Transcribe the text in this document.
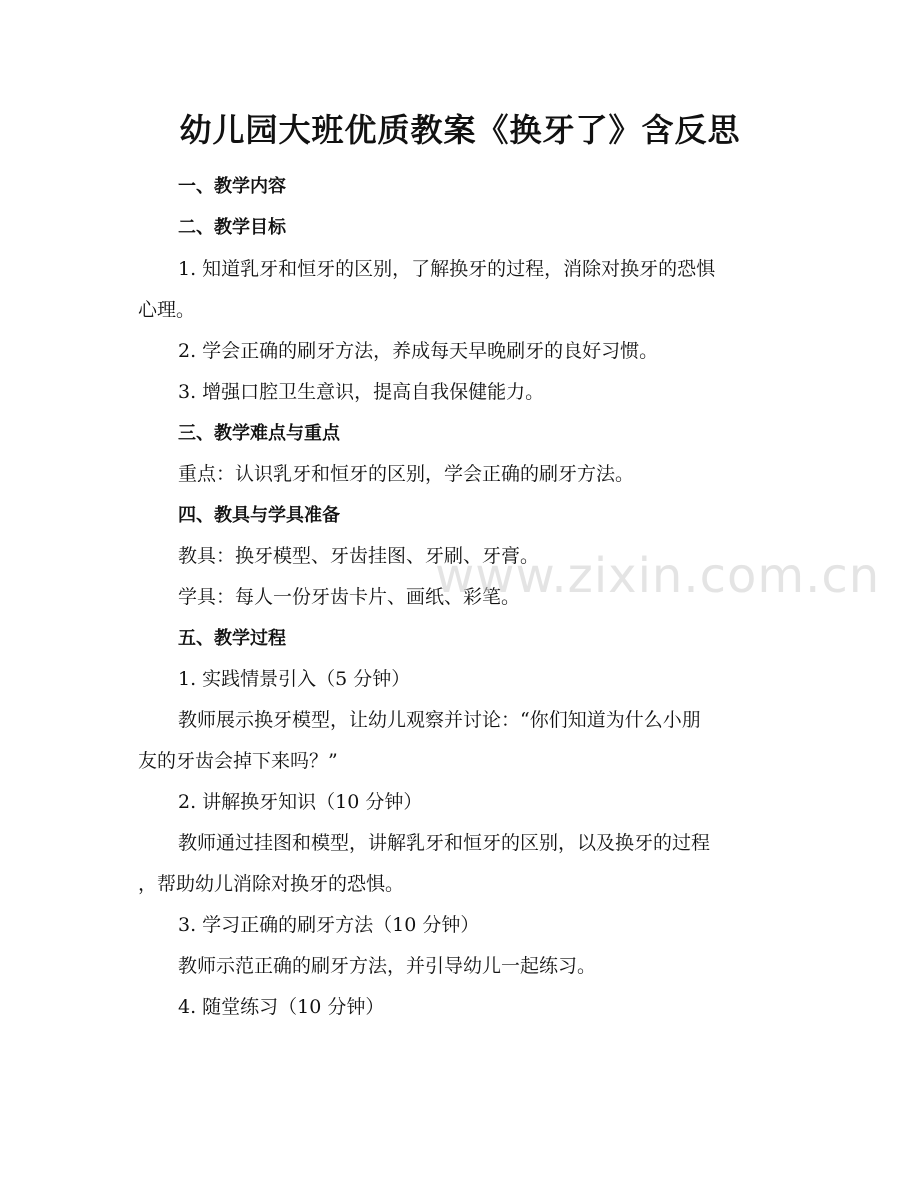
幼儿园大班优质教案《换牙了》含反思
一、教学内容
二、教学目标
1. 知道乳牙和恒牙的区别，了解换牙的过程，消除对换牙的恐惧
心理。
2. 学会正确的刷牙方法，养成每天早晚刷牙的良好习惯。
3. 增强口腔卫生意识，提高自我保健能力。
三、教学难点与重点
重点：认识乳牙和恒牙的区别，学会正确的刷牙方法。
四、教具与学具准备
教具：换牙模型、牙齿挂图、牙刷、牙膏。
学具：每人一份牙齿卡片、画纸、彩笔。
五、教学过程
1. 实践情景引入（5 分钟）
教师展示换牙模型，让幼儿观察并讨论：“你们知道为什么小朋
友的牙齿会掉下来吗？”
2. 讲解换牙知识（10 分钟）
教师通过挂图和模型，讲解乳牙和恒牙的区别，以及换牙的过程
，帮助幼儿消除对换牙的恐惧。
3. 学习正确的刷牙方法（10 分钟）
教师示范正确的刷牙方法，并引导幼儿一起练习。
4. 随堂练习（10 分钟）
www.zixin.com.cn
